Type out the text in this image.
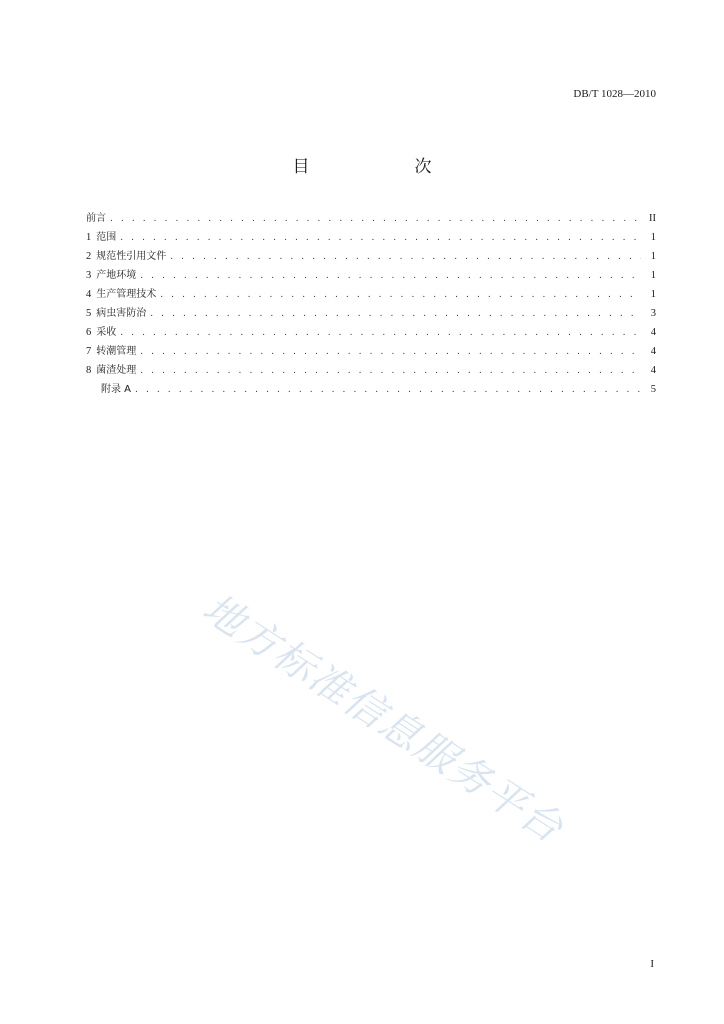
DB/T 1028—2010
目　次
前言 . . .	II
1 范围 . . .	1
2 规范性引用文件 . . .	1
3 产地环境 . . .	1
4 生产管理技术 . . .	1
5 病虫害防治 . . .	3
6 采收 . . .	4
7 转潮管理 . . .	4
8 菌渣处理 . . .	4
附录 A . . .	5
地方标准信息服务平台
I
